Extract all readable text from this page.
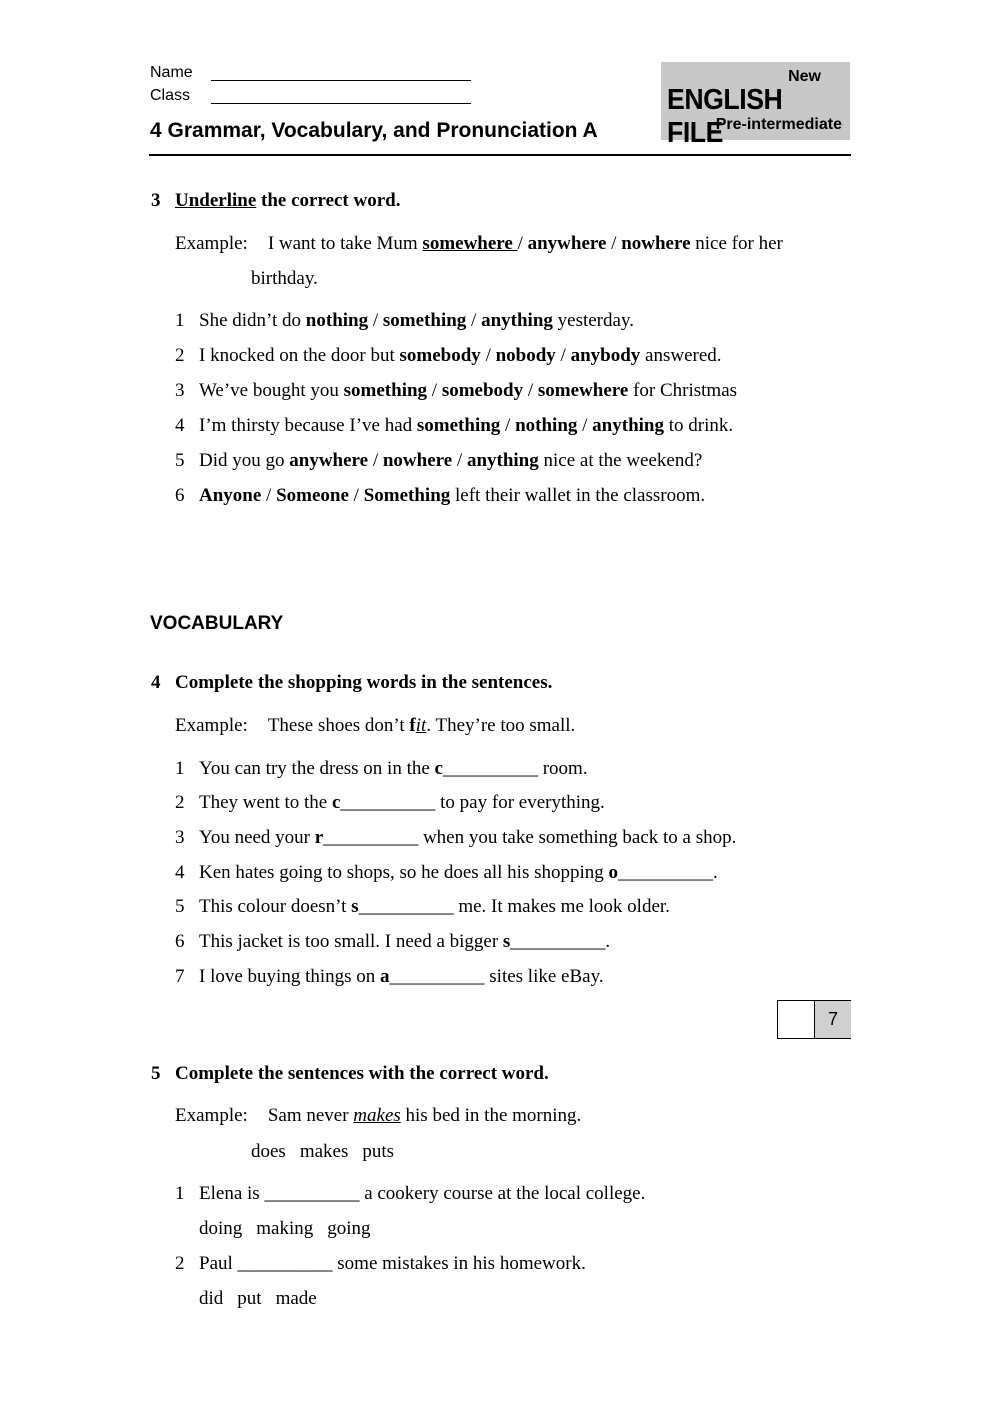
Name
Class
4 Grammar, Vocabulary, and Pronunciation A
New
ENGLISH FILE
Pre-intermediate
3 Underline the correct word.
Example: I want to take Mum somewhere / anywhere / nowhere nice for her
birthday.
1 She didn’t do nothing / something / anything yesterday.
2 I knocked on the door but somebody / nobody / anybody answered.
3 We’ve bought you something / somebody / somewhere for Christmas
4 I’m thirsty because I’ve had something / nothing / anything to drink.
5 Did you go anywhere / nowhere / anything nice at the weekend?
6 Anyone / Someone / Something left their wallet in the classroom.
VOCABULARY
4 Complete the shopping words in the sentences.
Example: These shoes don’t fit. They’re too small.
1 You can try the dress on in the c__________ room.
2 They went to the c__________ to pay for everything.
3 You need your r__________ when you take something back to a shop.
4 Ken hates going to shops, so he does all his shopping o__________.
5 This colour doesn’t s__________ me. It makes me look older.
6 This jacket is too small. I need a bigger s__________.
7 I love buying things on a__________ sites like eBay.
7
5 Complete the sentences with the correct word.
Example: Sam never makes his bed in the morning.
does makes puts
1 Elena is __________ a cookery course at the local college.
doing making going
2 Paul __________ some mistakes in his homework.
did put made
